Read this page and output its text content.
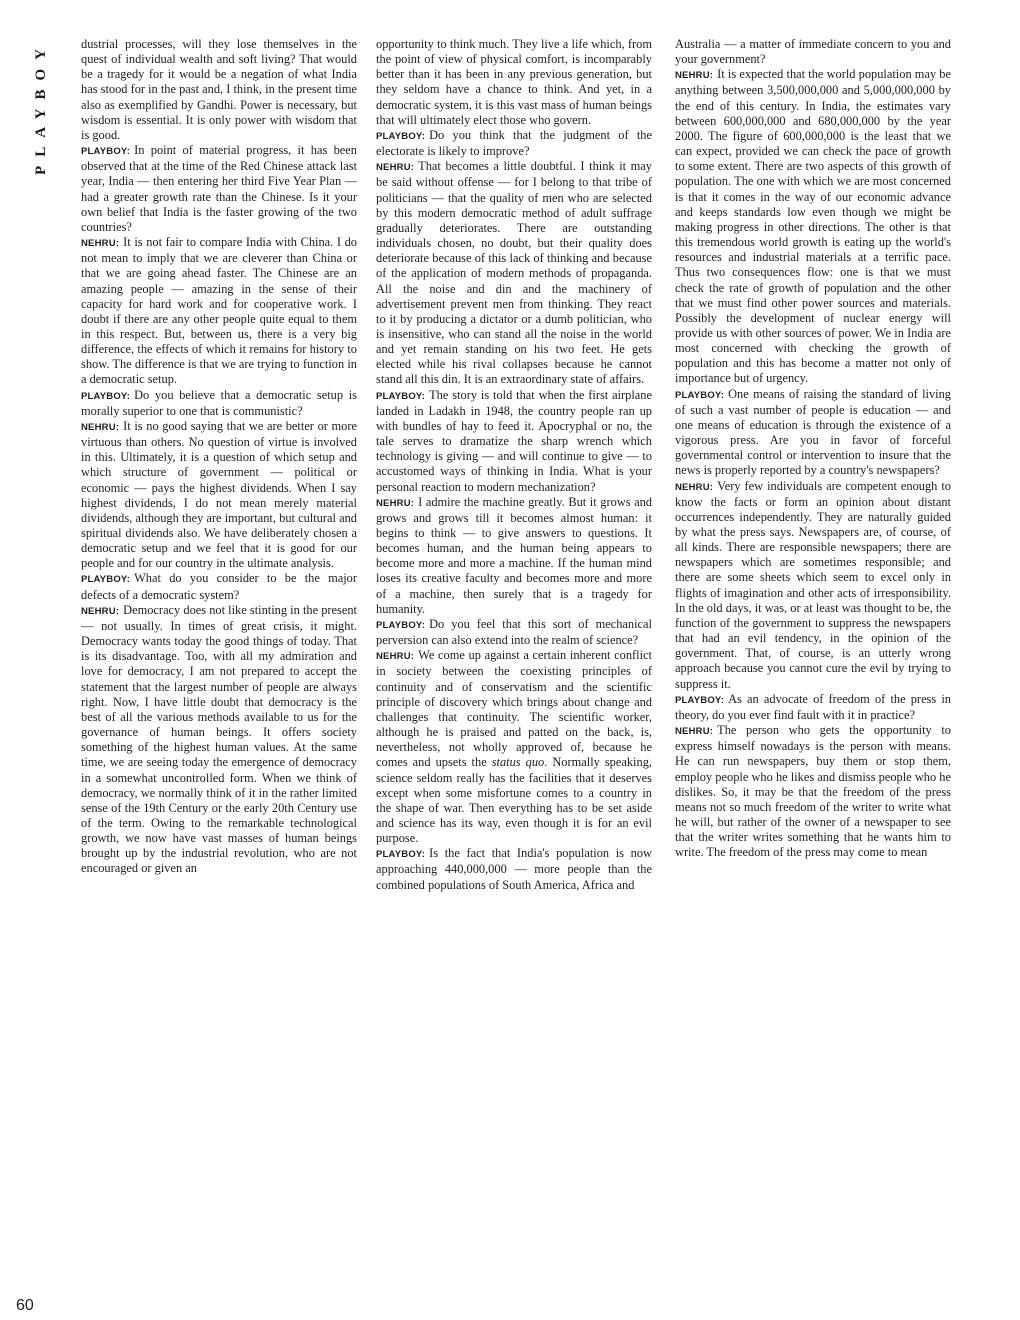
PLAYBOY	dustrial processes, will they lose themselves in the quest of individual wealth and soft living? That would be a tragedy for it would be a negation of what India has stood for in the past and, I think, in the present time also as exemplified by Gandhi. Power is necessary, but wisdom is essential. It is only power with wisdom that is good.

PLAYBOY: In point of material progress, it has been observed that at the time of the Red Chinese attack last year, India — then entering her third Five Year Plan — had a greater growth rate than the Chinese. Is it your own belief that India is the faster growing of the two countries?

NEHRU: It is not fair to compare India with China. I do not mean to imply that we are cleverer than China or that we are going ahead faster. The Chinese are an amazing people — amazing in the sense of their capacity for hard work and for cooperative work. I doubt if there are any other people quite equal to them in this respect. But, between us, there is a very big difference, the effects of which it remains for history to show. The difference is that we are trying to function in a democratic setup.

PLAYBOY: Do you believe that a democratic setup is morally superior to one that is communistic?

NEHRU: It is no good saying that we are better or more virtuous than others. No question of virtue is involved in this. Ultimately, it is a question of which setup and which structure of government — political or economic — pays the highest dividends. When I say highest dividends, I do not mean merely material dividends, although they are important, but cultural and spiritual dividends also. We have deliberately chosen a democratic setup and we feel that it is good for our people and for our country in the ultimate analysis.

PLAYBOY: What do you consider to be the major defects of a democratic system?

NEHRU: Democracy does not like stinting in the present — not usually. In times of great crisis, it might. Democracy wants today the good things of today. That is its disadvantage. Too, with all my admiration and love for democracy, I am not prepared to accept the statement that the largest number of people are always right. Now, I have little doubt that democracy is the best of all the various methods available to us for the governance of human beings. It offers society something of the highest human values. At the same time, we are seeing today the emergence of democracy in a somewhat uncontrolled form. When we think of democracy, we normally think of it in the rather limited sense of the 19th Century or the early 20th Century use of the term. Owing to the remarkable technological growth, we now have vast masses of human beings brought up by the industrial revolution, who are not encouraged or given an

opportunity to think much. They live a life which, from the point of view of physical comfort, is incomparably better than it has been in any previous generation, but they seldom have a chance to think. And yet, in a democratic system, it is this vast mass of human beings that will ultimately elect those who govern.

PLAYBOY: Do you think that the judgment of the electorate is likely to improve?

NEHRU: That becomes a little doubtful. I think it may be said without offense — for I belong to that tribe of politicians — that the quality of men who are selected by this modern democratic method of adult suffrage gradually deteriorates. There are outstanding individuals chosen, no doubt, but their quality does deteriorate because of this lack of thinking and because of the application of modern methods of propaganda. All the noise and din and the machinery of advertisement prevent men from thinking. They react to it by producing a dictator or a dumb politician, who is insensitive, who can stand all the noise in the world and yet remain standing on his two feet. He gets elected while his rival collapses because he cannot stand all this din. It is an extraordinary state of affairs.

PLAYBOY: The story is told that when the first airplane landed in Ladakh in 1948, the country people ran up with bundles of hay to feed it. Apocryphal or no, the tale serves to dramatize the sharp wrench which technology is giving — and will continue to give — to accustomed ways of thinking in India. What is your personal reaction to modern mechanization?

NEHRU: I admire the machine greatly. But it grows and grows and grows till it becomes almost human: it begins to think — to give answers to questions. It becomes human, and the human being appears to become more and more a machine. If the human mind loses its creative faculty and becomes more and more of a machine, then surely that is a tragedy for humanity.

PLAYBOY: Do you feel that this sort of mechanical perversion can also extend into the realm of science?

NEHRU: We come up against a certain inherent conflict in society between the coexisting principles of continuity and of conservatism and the scientific principle of discovery which brings about change and challenges that continuity. The scientific worker, although he is praised and patted on the back, is, nevertheless, not wholly approved of, because he comes and upsets the status quo. Normally speaking, science seldom really has the facilities that it deserves except when some misfortune comes to a country in the shape of war. Then everything has to be set aside and science has its way, even though it is for an evil purpose.

PLAYBOY: Is the fact that India's population is now approaching 440,000,000 — more people than the combined populations of South America, Africa and

Australia — a matter of immediate concern to you and your government?

NEHRU: It is expected that the world population may be anything between 3,500,000,000 and 5,000,000,000 by the end of this century. In India, the estimates vary between 600,000,000 and 680,000,000 by the year 2000. The figure of 600,000,000 is the least that we can expect, provided we can check the pace of growth to some extent. There are two aspects of this growth of population. The one with which we are most concerned is that it comes in the way of our economic advance and keeps standards low even though we might be making progress in other directions. The other is that this tremendous world growth is eating up the world's resources and industrial materials at a terrific pace. Thus two consequences flow: one is that we must check the rate of growth of population and the other that we must find other power sources and materials. Possibly the development of nuclear energy will provide us with other sources of power. We in India are most concerned with checking the growth of population and this has become a matter not only of importance but of urgency.

PLAYBOY: One means of raising the standard of living of such a vast number of people is education — and one means of education is through the existence of a vigorous press. Are you in favor of forceful governmental control or intervention to insure that the news is properly reported by a country's newspapers?

NEHRU: Very few individuals are competent enough to know the facts or form an opinion about distant occurrences independently. They are naturally guided by what the press says. Newspapers are, of course, of all kinds. There are responsible newspapers; there are newspapers which are sometimes responsible; and there are some sheets which seem to excel only in flights of imagination and other acts of irresponsibility. In the old days, it was, or at least was thought to be, the function of the government to suppress the newspapers that had an evil tendency, in the opinion of the government. That, of course, is an utterly wrong approach because you cannot cure the evil by trying to suppress it.

PLAYBOY: As an advocate of freedom of the press in theory, do you ever find fault with it in practice?

NEHRU: The person who gets the opportunity to express himself nowadays is the person with means. He can run newspapers, buy them or stop them, employ people who he likes and dismiss people who he dislikes. So, it may be that the freedom of the press means not so much freedom of the writer to write what he will, but rather of the owner of a newspaper to see that the writer writes something that he wants him to write. The freedom of the press may come to mean

60
